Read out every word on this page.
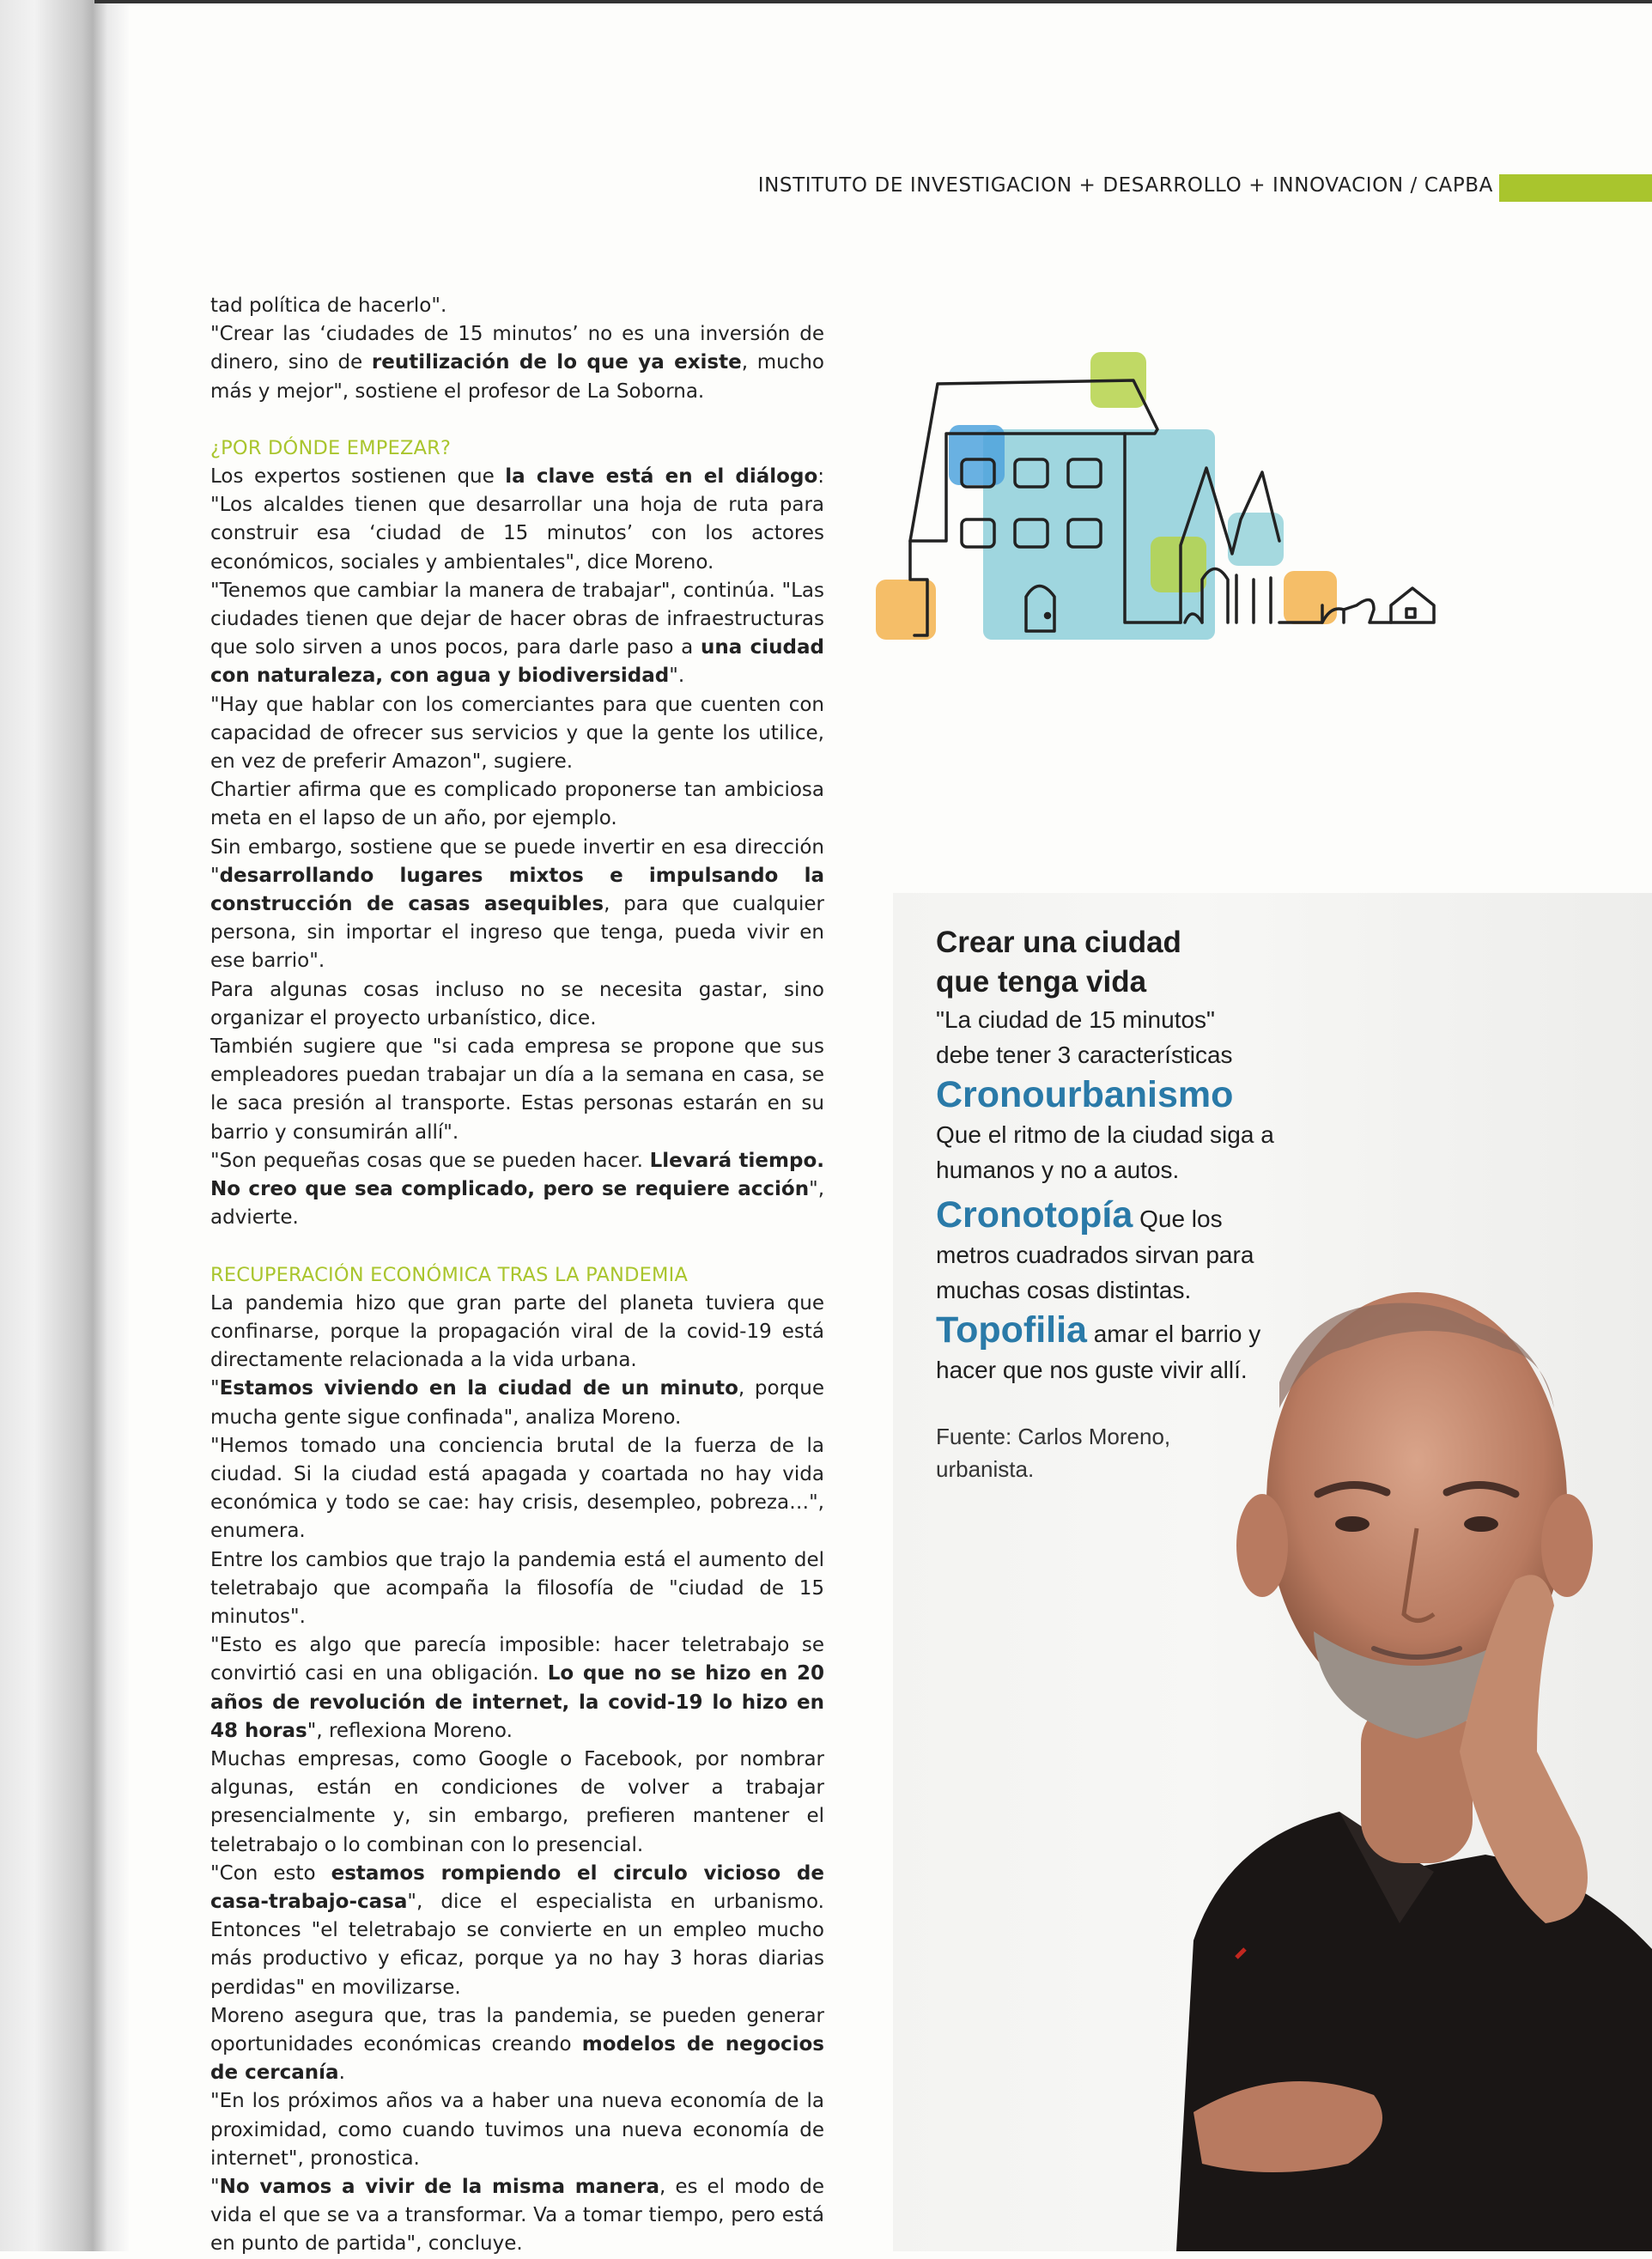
INSTITUTO DE INVESTIGACION + DESARROLLO + INNOVACION / CAPBA

tad política de hacerlo".

"Crear las ‘ciudades de 15 minutos’ no es una inversión de dinero, sino de reutilización de lo que ya existe, mucho más y mejor", sostiene el profesor de La Soborna.

¿POR DÓNDE EMPEZAR?

Los expertos sostienen que la clave está en el diálogo: "Los alcaldes tienen que desarrollar una hoja de ruta para construir esa ‘ciudad de 15 minutos’ con los actores económicos, sociales y ambientales", dice Moreno.

"Tenemos que cambiar la manera de trabajar", continúa. "Las ciudades tienen que dejar de hacer obras de infraestructuras que solo sirven a unos pocos, para darle paso a una ciudad con naturaleza, con agua y biodiversidad".

"Hay que hablar con los comerciantes para que cuenten con capacidad de ofrecer sus servicios y que la gente los utilice, en vez de preferir Amazon", sugiere.

Chartier afirma que es complicado proponerse tan ambiciosa meta en el lapso de un año, por ejemplo.

Sin embargo, sostiene que se puede invertir en esa dirección "desarrollando lugares mixtos e impulsando la construcción de casas asequibles, para que cualquier persona, sin importar el ingreso que tenga, pueda vivir en ese barrio".

Para algunas cosas incluso no se necesita gastar, sino organizar el proyecto urbanístico, dice.

También sugiere que "si cada empresa se propone que sus empleadores puedan trabajar un día a la semana en casa, se le saca presión al transporte. Estas personas estarán en su barrio y consumirán allí".

"Son pequeñas cosas que se pueden hacer. Llevará tiempo. No creo que sea complicado, pero se requiere acción", advierte.

RECUPERACIÓN ECONÓMICA TRAS LA PANDEMIA

La pandemia hizo que gran parte del planeta tuviera que confinarse, porque la propagación viral de la covid-19 está directamente relacionada a la vida urbana.

"Estamos viviendo en la ciudad de un minuto, porque mucha gente sigue confinada", analiza Moreno.

"Hemos tomado una conciencia brutal de la fuerza de la ciudad. Si la ciudad está apagada y coartada no hay vida económica y todo se cae: hay crisis, desempleo, pobreza…", enumera.

Entre los cambios que trajo la pandemia está el aumento del teletrabajo que acompaña la filosofía de "ciudad de 15 minutos".

"Esto es algo que parecía imposible: hacer teletrabajo se convirtió casi en una obligación. Lo que no se hizo en 20 años de revolución de internet, la covid-19 lo hizo en 48 horas", reflexiona Moreno.

Muchas empresas, como Google o Facebook, por nombrar algunas, están en condiciones de volver a trabajar presencialmente y, sin embargo, prefieren mantener el teletrabajo o lo combinan con lo presencial.

"Con esto estamos rompiendo el circulo vicioso de casa-trabajo-casa", dice el especialista en urbanismo. Entonces "el teletrabajo se convierte en un empleo mucho más productivo y eficaz, porque ya no hay 3 horas diarias perdidas" en movilizarse.

Moreno asegura que, tras la pandemia, se pueden generar oportunidades económicas creando modelos de negocios de cercanía.

"En los próximos años va a haber una nueva economía de la proximidad, como cuando tuvimos una nueva economía de internet", pronostica.

"No vamos a vivir de la misma manera, es el modo de vida el que se va a transformar. Va a tomar tiempo, pero está en punto de partida", concluye.

Crear una ciudad
que tenga vida
"La ciudad de 15 minutos"
debe tener 3 características
Cronourbanismo
Que el ritmo de la ciudad siga a humanos y no a autos.
Cronotopía Que los metros cuadrados sirvan para muchas cosas distintas.
Topofilia amar el barrio y hacer que nos guste vivir allí.
Fuente: Carlos Moreno,
urbanista.
